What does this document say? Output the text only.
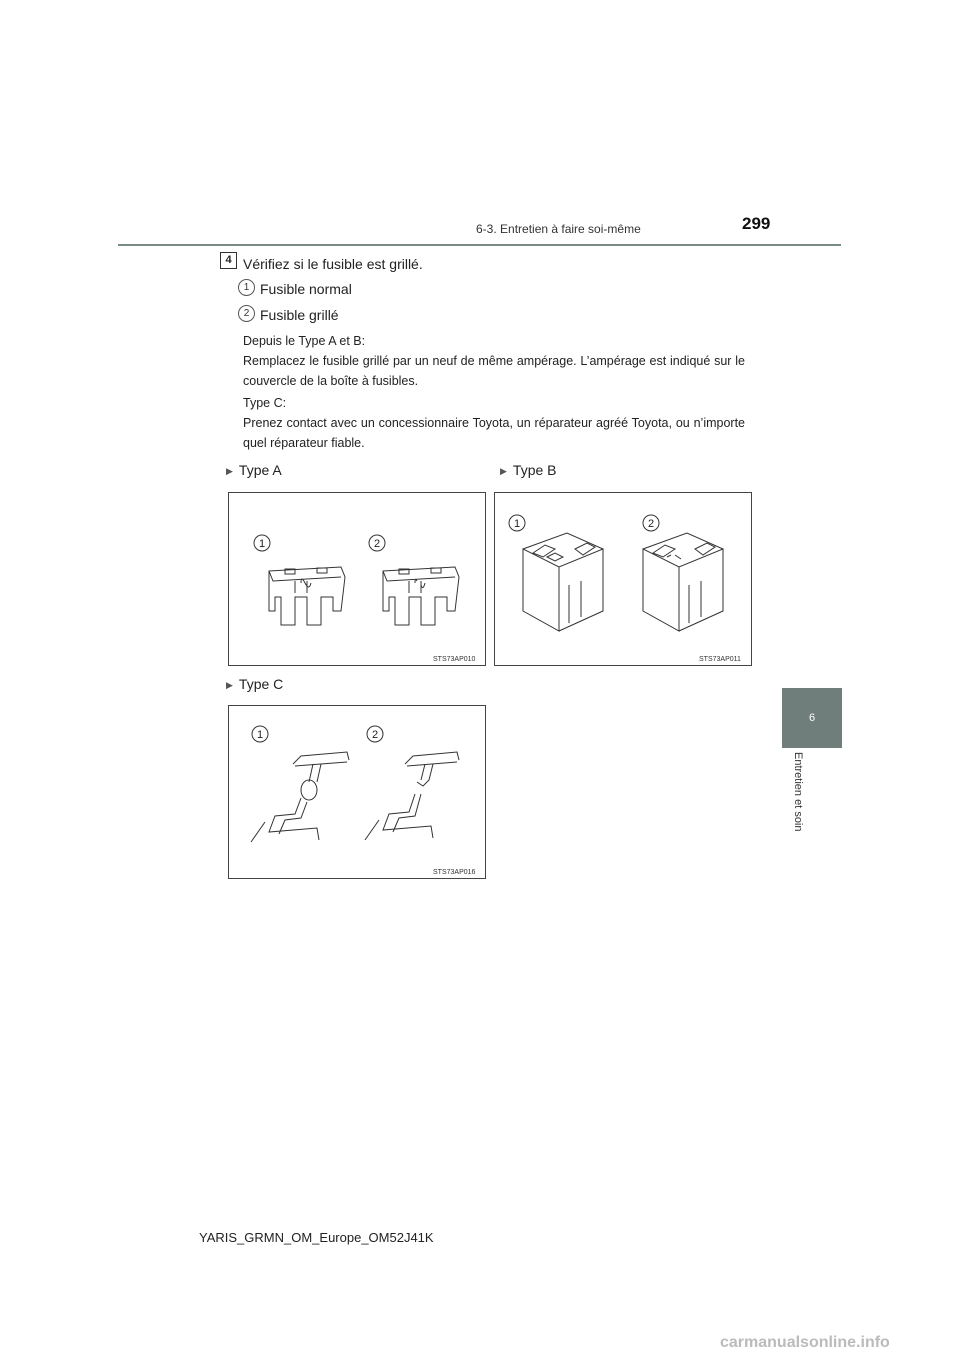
6-3. Entretien à faire soi-même	299
6
Entretien et soin
4 Vérifiez si le fusible est grillé.
1 Fusible normal
2 Fusible grillé

Depuis le Type A et B:

Remplacez le fusible grillé par un neuf de même ampérage. L’ampérage est indiqué sur le couvercle de la boîte à fusibles.

Type C:

Prenez contact avec un concessionnaire Toyota, un réparateur agréé Toyota, ou n’importe quel réparateur fiable.

▶ Type A	▶ Type B
▶ Type C
1	2
STS73AP010
1	2
STS73AP011
1	2
STS73AP016
YARIS_GRMN_OM_Europe_OM52J41K
carmanualsonline.info
